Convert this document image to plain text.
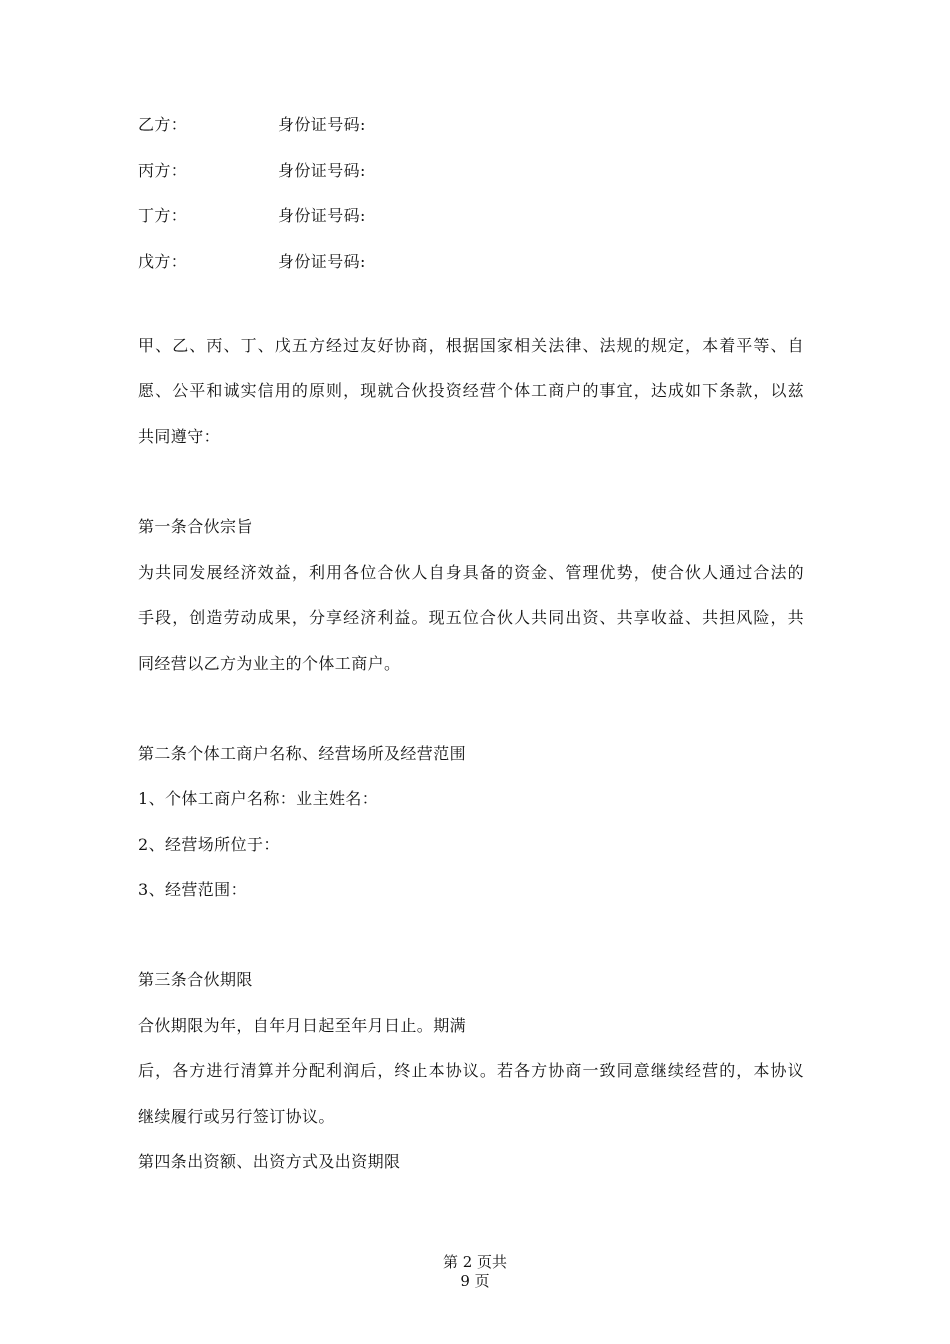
乙方：	身份证号码:
丙方：	身份证号码:
丁方：	身份证号码:
戊方：	身份证号码:
甲、乙、丙、丁、戊五方经过友好协商，根据国家相关法律、法规的规定，本着平等、自
愿、公平和诚实信用的原则，现就合伙投资经营个体工商户的事宜，达成如下条款，以兹
共同遵守：
第一条合伙宗旨
为共同发展经济效益，利用各位合伙人自身具备的资金、管理优势，使合伙人通过合法的
手段，创造劳动成果，分享经济利益。现五位合伙人共同出资、共享收益、共担风险，共
同经营以乙方为业主的个体工商户。
第二条个体工商户名称、经营场所及经营范围
1、个体工商户名称：业主姓名：
2、经营场所位于：
3、经营范围：
第三条合伙期限
合伙期限为年，自年月日起至年月日止。期满
后，各方进行清算并分配利润后，终止本协议。若各方协商一致同意继续经营的，本协议
继续履行或另行签订协议。
第四条出资额、出资方式及出资期限
第 2 页共
9 页
